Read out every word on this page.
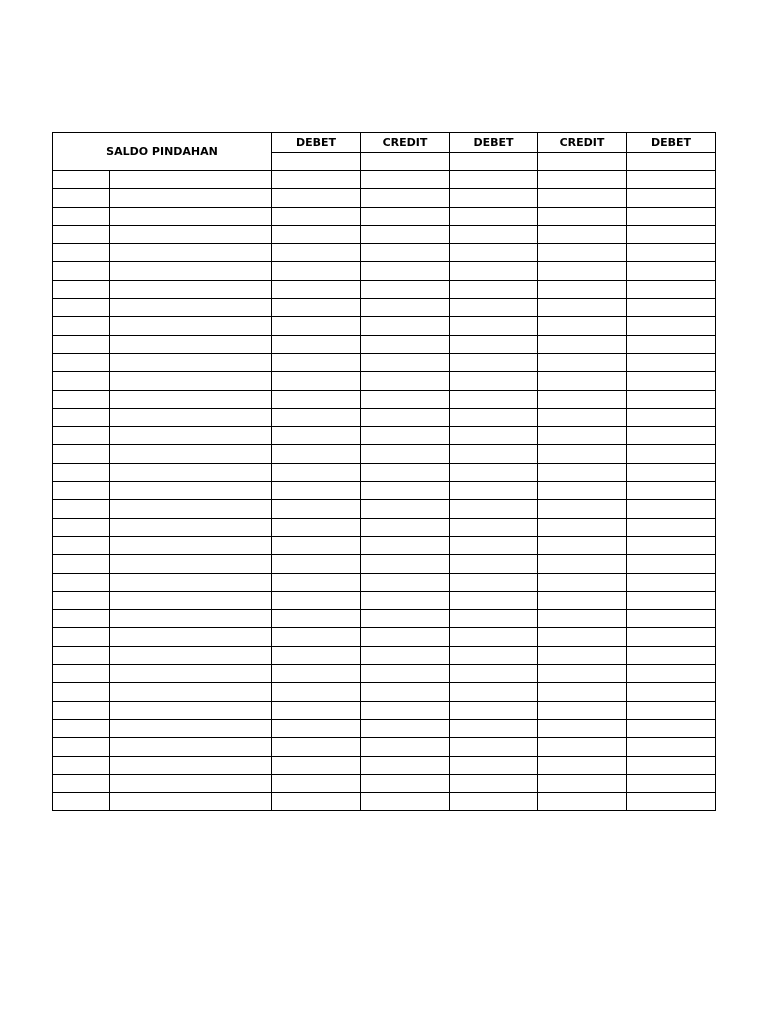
SALDO PINDAHAN		DEBET	CREDIT	DEBET	CREDIT	DEBET
